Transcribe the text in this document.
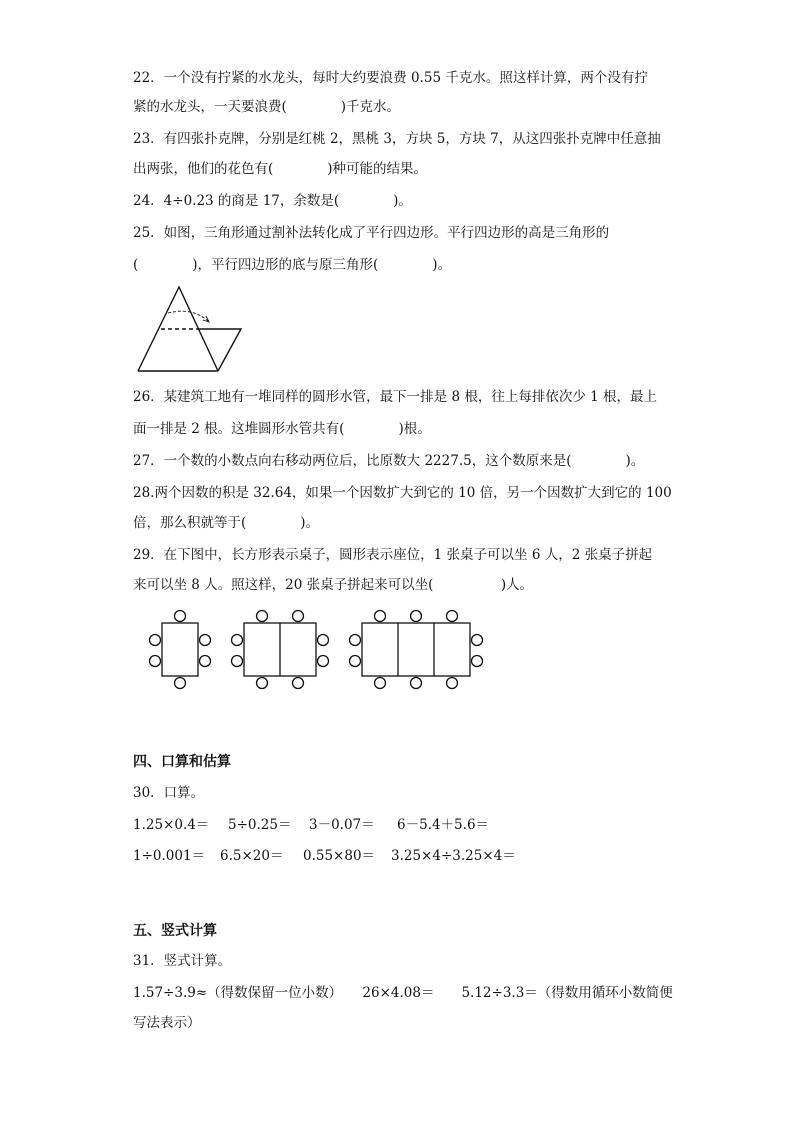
22．一个没有拧紧的水龙头，每时大约要浪费 0.55 千克水。照这样计算，两个没有拧
紧的水龙头，一天要浪费(　　　　)千克水。
23．有四张扑克牌，分别是红桃 2，黑桃 3，方块 5，方块 7，从这四张扑克牌中任意抽
出两张，他们的花色有(　　　　)种可能的结果。
24．4÷0.23 的商是 17，余数是(　　　　)。
25．如图，三角形通过割补法转化成了平行四边形。平行四边形的高是三角形的
(　　　　)，平行四边形的底与原三角形(　　　　)。
26．某建筑工地有一堆同样的圆形水管，最下一排是 8 根，往上每排依次少 1 根，最上
面一排是 2 根。这堆圆形水管共有(　　　　)根。
27．一个数的小数点向右移动两位后，比原数大 2227.5，这个数原来是(　　　　)。
28.两个因数的积是 32.64，如果一个因数扩大到它的 10 倍，另一个因数扩大到它的 100
倍，那么积就等于(　　　　)。
29．在下图中，长方形表示桌子，圆形表示座位，1 张桌子可以坐 6 人，2 张桌子拼起
来可以坐 8 人。照这样，20 张桌子拼起来可以坐(　　　　　)人。
四、口算和估算
30．口算。
1.25×0.4＝ 5÷0.25＝ 3－0.07＝ 6－5.4＋5.6＝
1÷0.001＝ 6.5×20＝ 0.55×80＝ 3.25×4÷3.25×4＝
五、竖式计算
31．竖式计算。
1.57÷3.9≈（得数保留一位小数）　　26×4.08＝　　5.12÷3.3＝（得数用循环小数简便
写法表示）
